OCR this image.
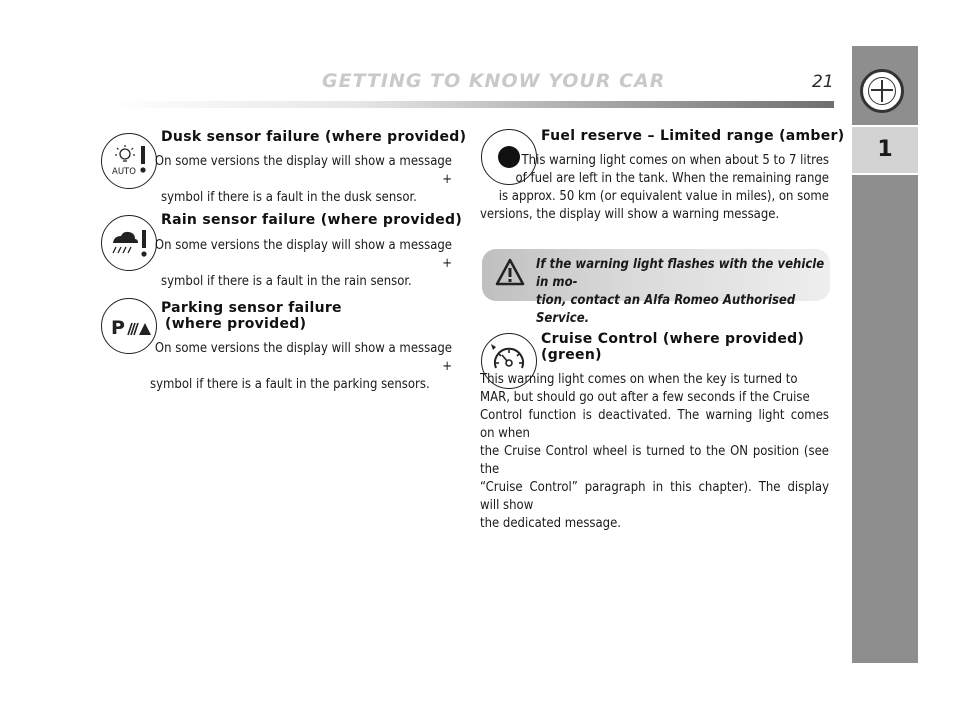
GETTING TO KNOW YOUR CAR	21
1
AUTO
Dusk sensor failure (where provided)

On some versions the display will show a message +

symbol if there is a fault in the dusk sensor.

Rain sensor failure (where provided)

On some versions the display will show a message +

symbol if there is a fault in the rain sensor.

P
Parking sensor failure
(where provided)

On some versions the display will show a message +

symbol if there is a fault in the parking sensors.

Fuel reserve – Limited range (amber)

This warning light comes on when about 5 to 7 litres

of fuel are left in the tank. When the remaining range

is approx. 50 km (or equivalent value in miles), on some

versions, the display will show a warning message.

If the warning light flashes with the vehicle in mo-
tion, contact an Alfa Romeo Authorised Service.
Cruise Control (where provided)
(green)

This warning light comes on when the key is turned to

MAR, but should go out after a few seconds if the Cruise

Control function is deactivated. The warning light comes on when

the Cruise Control wheel is turned to the ON position (see the

“Cruise Control” paragraph in this chapter). The display will show

the dedicated message.
